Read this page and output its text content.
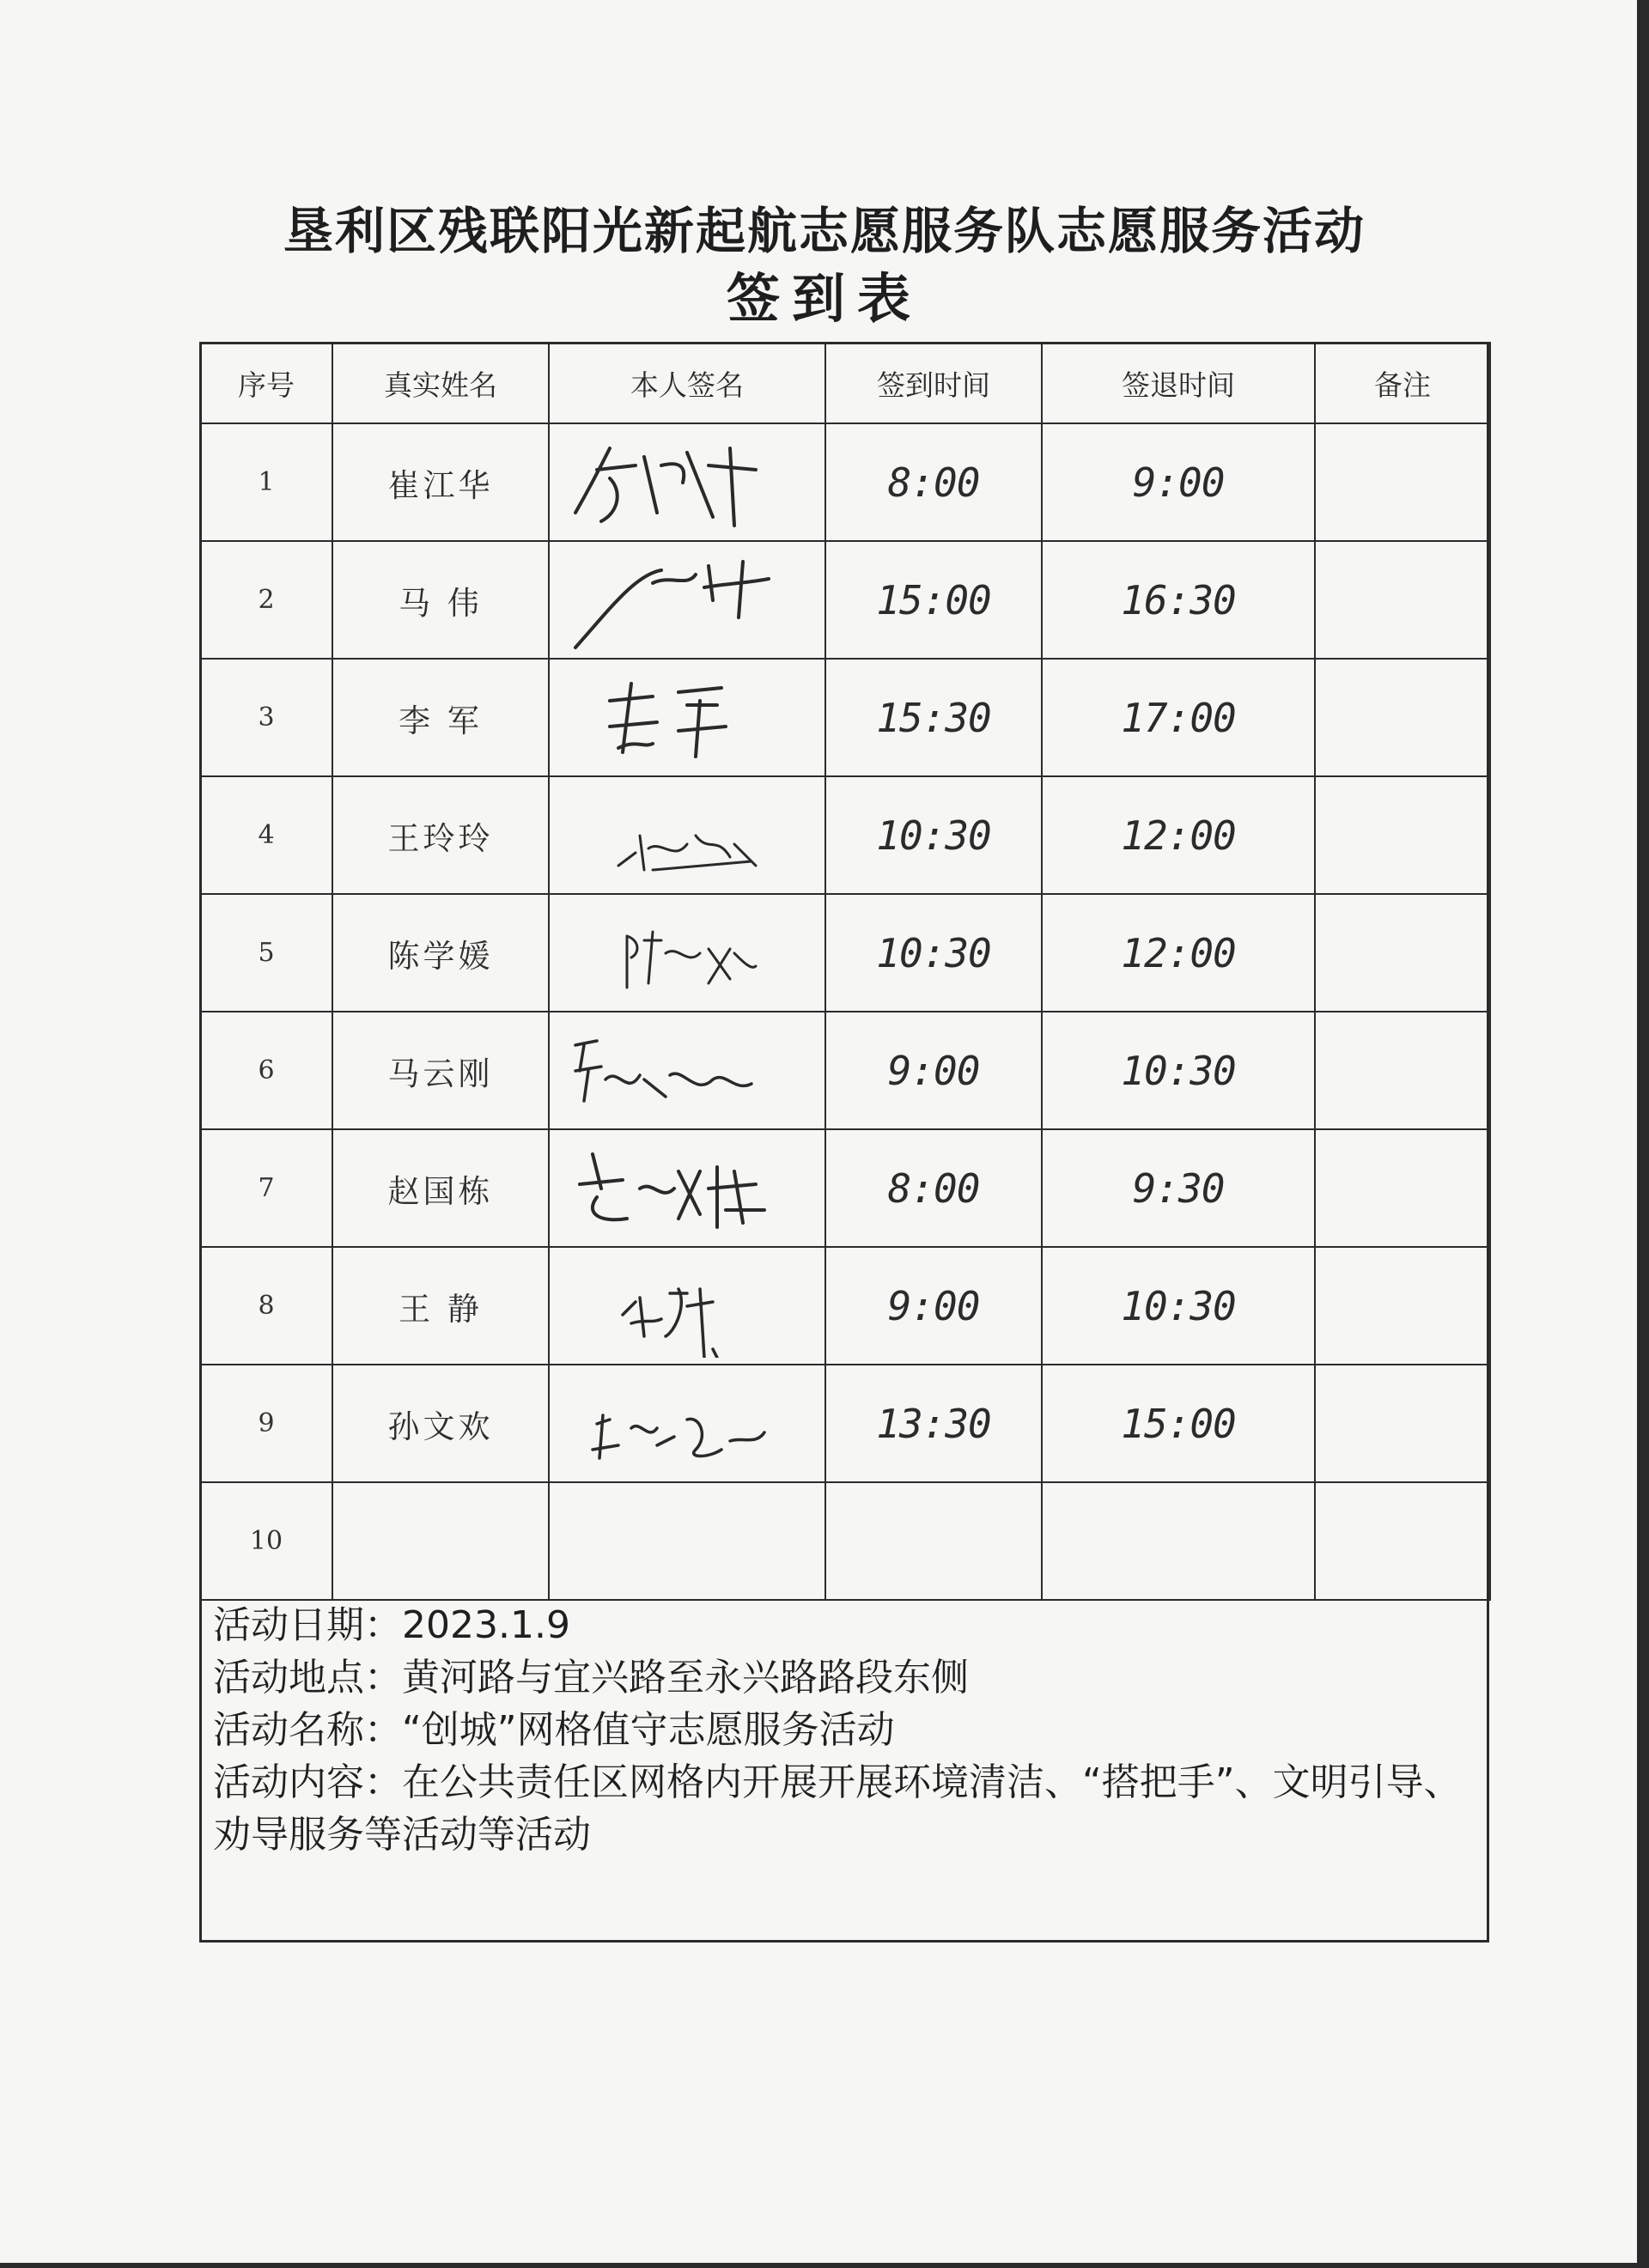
垦利区残联阳光新起航志愿服务队志愿服务活动
签到表
序号	真实姓名	本人签名	签到时间	签退时间	备注
1	崔江华		8:00	9:00	
2	马 伟		15:00	16:30	
3	李 军		15:30	17:00	
4	王玲玲		10:30	12:00	
5	陈学媛		10:30	12:00	
6	马云刚		9:00	10:30	
7	赵国栋		8:00	9:30	
8	王 静		9:00	10:30	
9	孙文欢		13:30	15:00	
10					
活动日期：2023.1.9
活动地点：黄河路与宜兴路至永兴路路段东侧
活动名称：“创城”网格值守志愿服务活动
活动内容：在公共责任区网格内开展开展环境清洁、“搭把手”、文明引导、劝导服务等活动等活动
